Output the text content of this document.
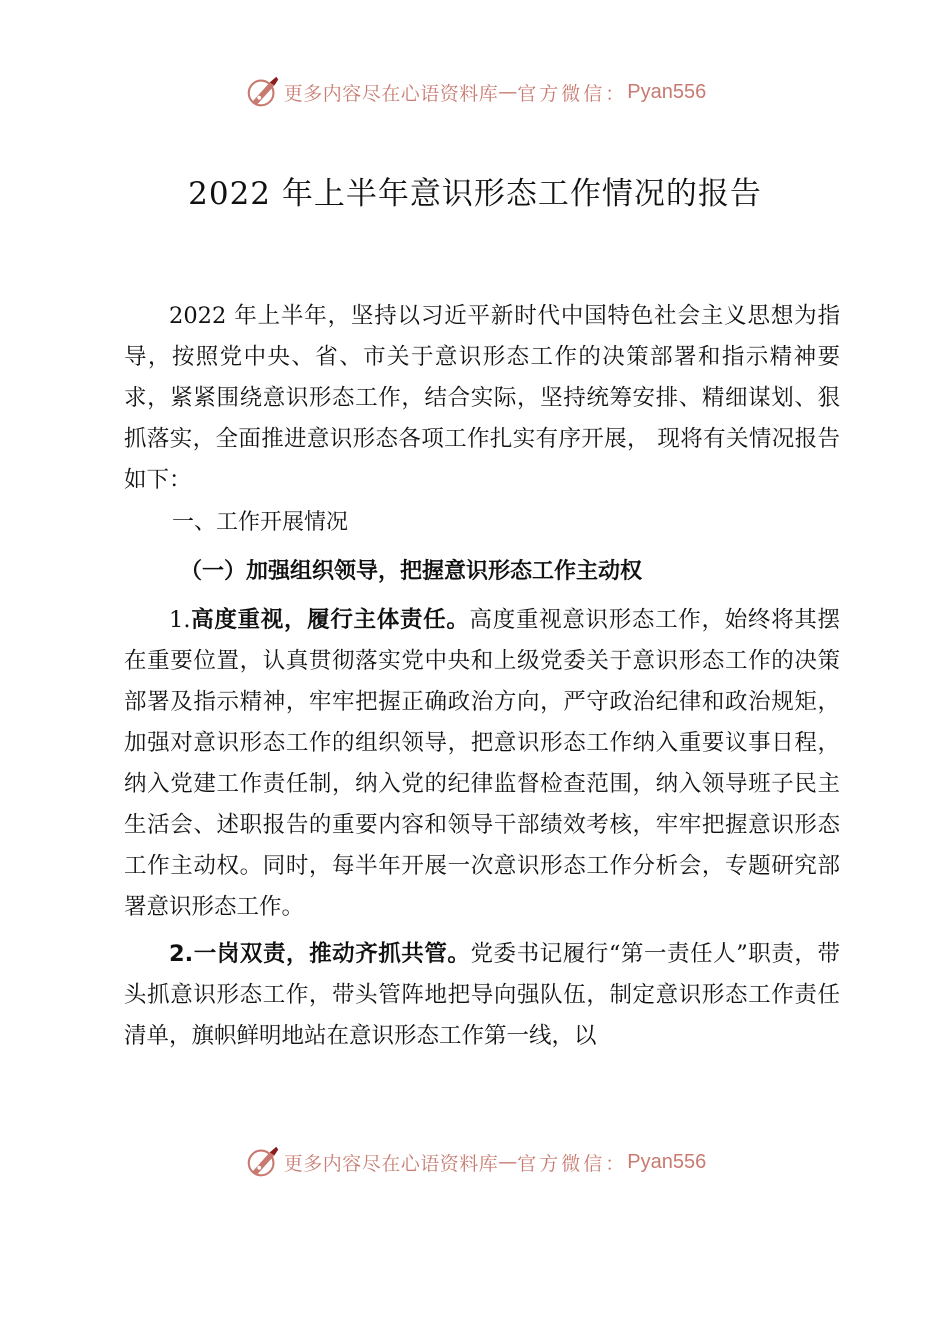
更多内容尽在心语资料库 — 官方微信： Pyan556
2022 年上半年意识形态工作情况的报告

2022 年上半年，坚持以习近平新时代中国特色社会主义思想为指导，按照党中央、省、市关于意识形态工作的决策部署和指示精神要求，紧紧围绕意识形态工作，结合实际，坚持统筹安排、精细谋划、狠抓落实，全面推进意识形态各项工作扎实有序开展， 现将有关情况报告如下：

一、工作开展情况
（一）加强组织领导，把握意识形态工作主动权

1.高度重视，履行主体责任。高度重视意识形态工作，始终将其摆在重要位置，认真贯彻落实党中央和上级党委关于意识形态工作的决策部署及指示精神，牢牢把握正确政治方向，严守政治纪律和政治规矩，加强对意识形态工作的组织领导，把意识形态工作纳入重要议事日程，纳入党建工作责任制，纳入党的纪律监督检查范围，纳入领导班子民主生活会、述职报告的重要内容和领导干部绩效考核，牢牢把握意识形态工作主动权。同时，每半年开展一次意识形态工作分析会，专题研究部署意识形态工作。

2.一岗双责，推动齐抓共管。党委书记履行“第一责任人”职责，带头抓意识形态工作，带头管阵地把导向强队伍，制定意识形态工作责任清单，旗帜鲜明地站在意识形态工作第一线，以

更多内容尽在心语资料库 — 官方微信： Pyan556
